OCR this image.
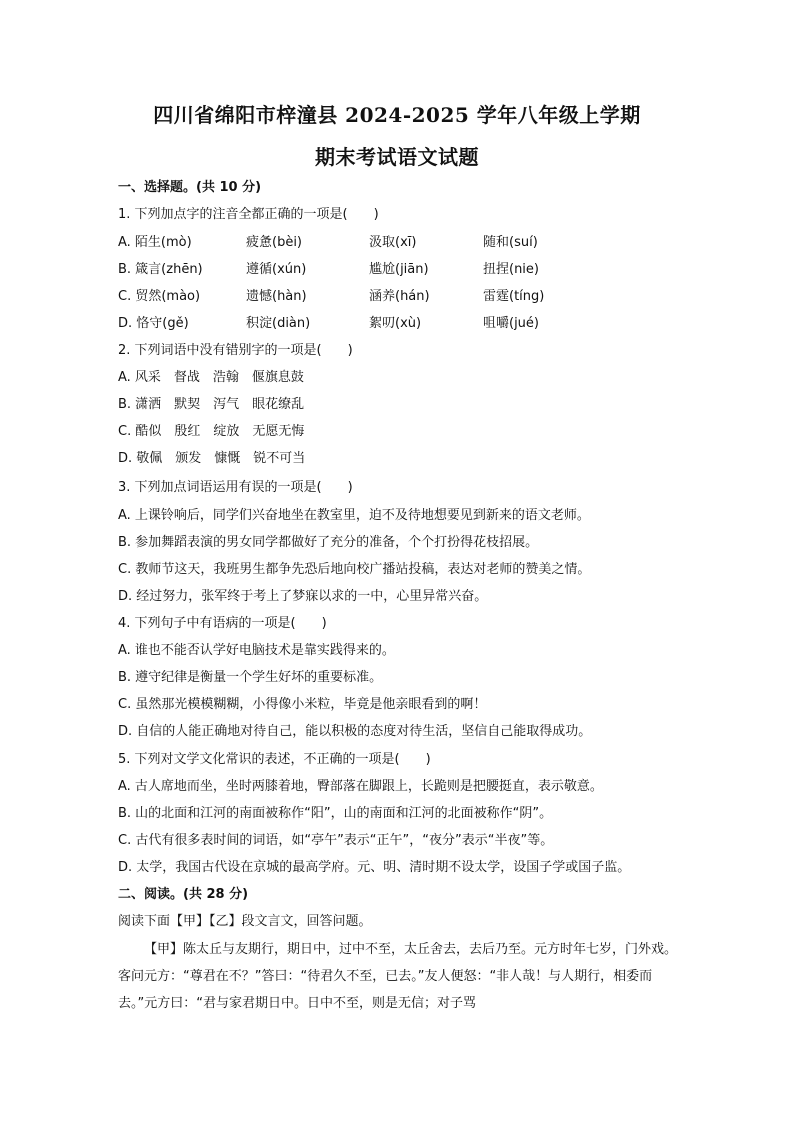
四川省绵阳市梓潼县 2024-2025 学年八年级上学期
期末考试语文试题
一、选择题。(共 10 分)
1. 下列加点字的注音全都正确的一项是(　　)
A. 陌生(mò)	疲惫(bèi)	汲取(xī)	随和(suí)
B. 箴言(zhēn)	遵循(xún)	尴尬(jiān)	扭捏(nie)
C. 贸然(mào)	遗憾(hàn)	涵养(hán)	雷霆(tíng)
D. 恪守(gě)	积淀(diàn)	絮叨(xù)	咀嚼(jué)
2. 下列词语中没有错别字的一项是(　　)
A. 风采　督战　浩翰　偃旗息鼓
B. 潇洒　默契　泻气　眼花缭乱
C. 酷似　殷红　绽放　无愿无悔
D. 敬佩　颁发　慷慨　锐不可当
3. 下列加点词语运用有误的一项是(　　)
A. 上课铃响后，同学们兴奋地坐在教室里，迫不及待地想要见到新来的语文老师。
B. 参加舞蹈表演的男女同学都做好了充分的准备，个个打扮得花枝招展。
C. 教师节这天，我班男生都争先恐后地向校广播站投稿，表达对老师的赞美之情。
D. 经过努力，张军终于考上了梦寐以求的一中，心里异常兴奋。
4. 下列句子中有语病的一项是(　　)
A. 谁也不能否认学好电脑技术是靠实践得来的。
B. 遵守纪律是衡量一个学生好坏的重要标准。
C. 虽然那光模模糊糊，小得像小米粒，毕竟是他亲眼看到的啊！
D. 自信的人能正确地对待自己，能以积极的态度对待生活，坚信自己能取得成功。
5. 下列对文学文化常识的表述，不正确的一项是(　　)
A. 古人席地而坐，坐时两膝着地，臀部落在脚跟上，长跪则是把腰挺直，表示敬意。
B. 山的北面和江河的南面被称作“阳”，山的南面和江河的北面被称作“阴”。
C. 古代有很多表时间的词语，如“亭午”表示“正午”，“夜分”表示“半夜”等。
D. 太学，我国古代设在京城的最高学府。元、明、清时期不设太学，设国子学或国子监。
二、阅读。(共 28 分)
阅读下面【甲】【乙】段文言文，回答问题。
【甲】陈太丘与友期行，期日中，过中不至，太丘舍去，去后乃至。元方时年七岁，门外戏。客问元方：“尊君在不？”答曰：“待君久不至，已去。”友人便怒：“非人哉！与人期行，相委而去。”元方曰：“君与家君期日中。日中不至，则是无信；对子骂
